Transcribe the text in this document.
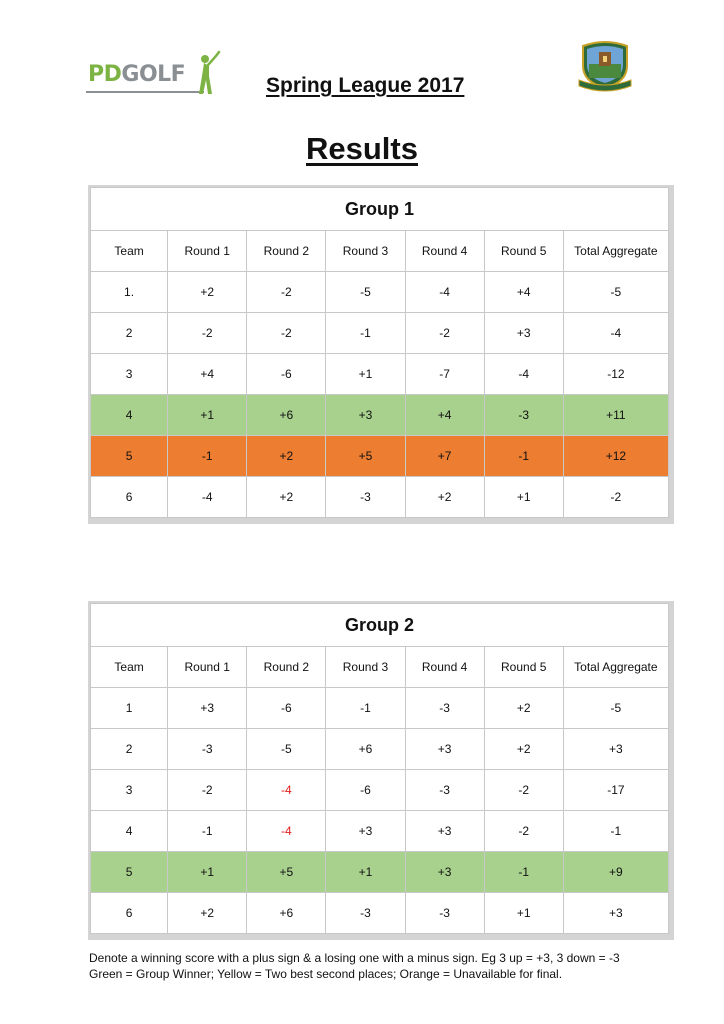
PDGOLF	Spring League 2017
Results
Group 1						
Team	Round 1	Round 2	Round 3	Round 4	Round 5	Total Aggregate
1.	+2	-2	-5	-4	+4	-5
2	-2	-2	-1	-2	+3	-4
3	+4	-6	+1	-7	-4	-12
4	+1	+6	+3	+4	-3	+11
5	-1	+2	+5	+7	-1	+12
6	-4	+2	-3	+2	+1	-2
Group 2						
Team	Round 1	Round 2	Round 3	Round 4	Round 5	Total Aggregate
1	+3	-6	-1	-3	+2	-5
2	-3	-5	+6	+3	+2	+3
3	-2	-4	-6	-3	-2	-17
4	-1	-4	+3	+3	-2	-1
5	+1	+5	+1	+3	-1	+9
6	+2	+6	-3	-3	+1	+3
Denote a winning score with a plus sign & a losing one with a minus sign. Eg 3 up = +3, 3 down = -3
Green = Group Winner; Yellow = Two best second places; Orange = Unavailable for final.
